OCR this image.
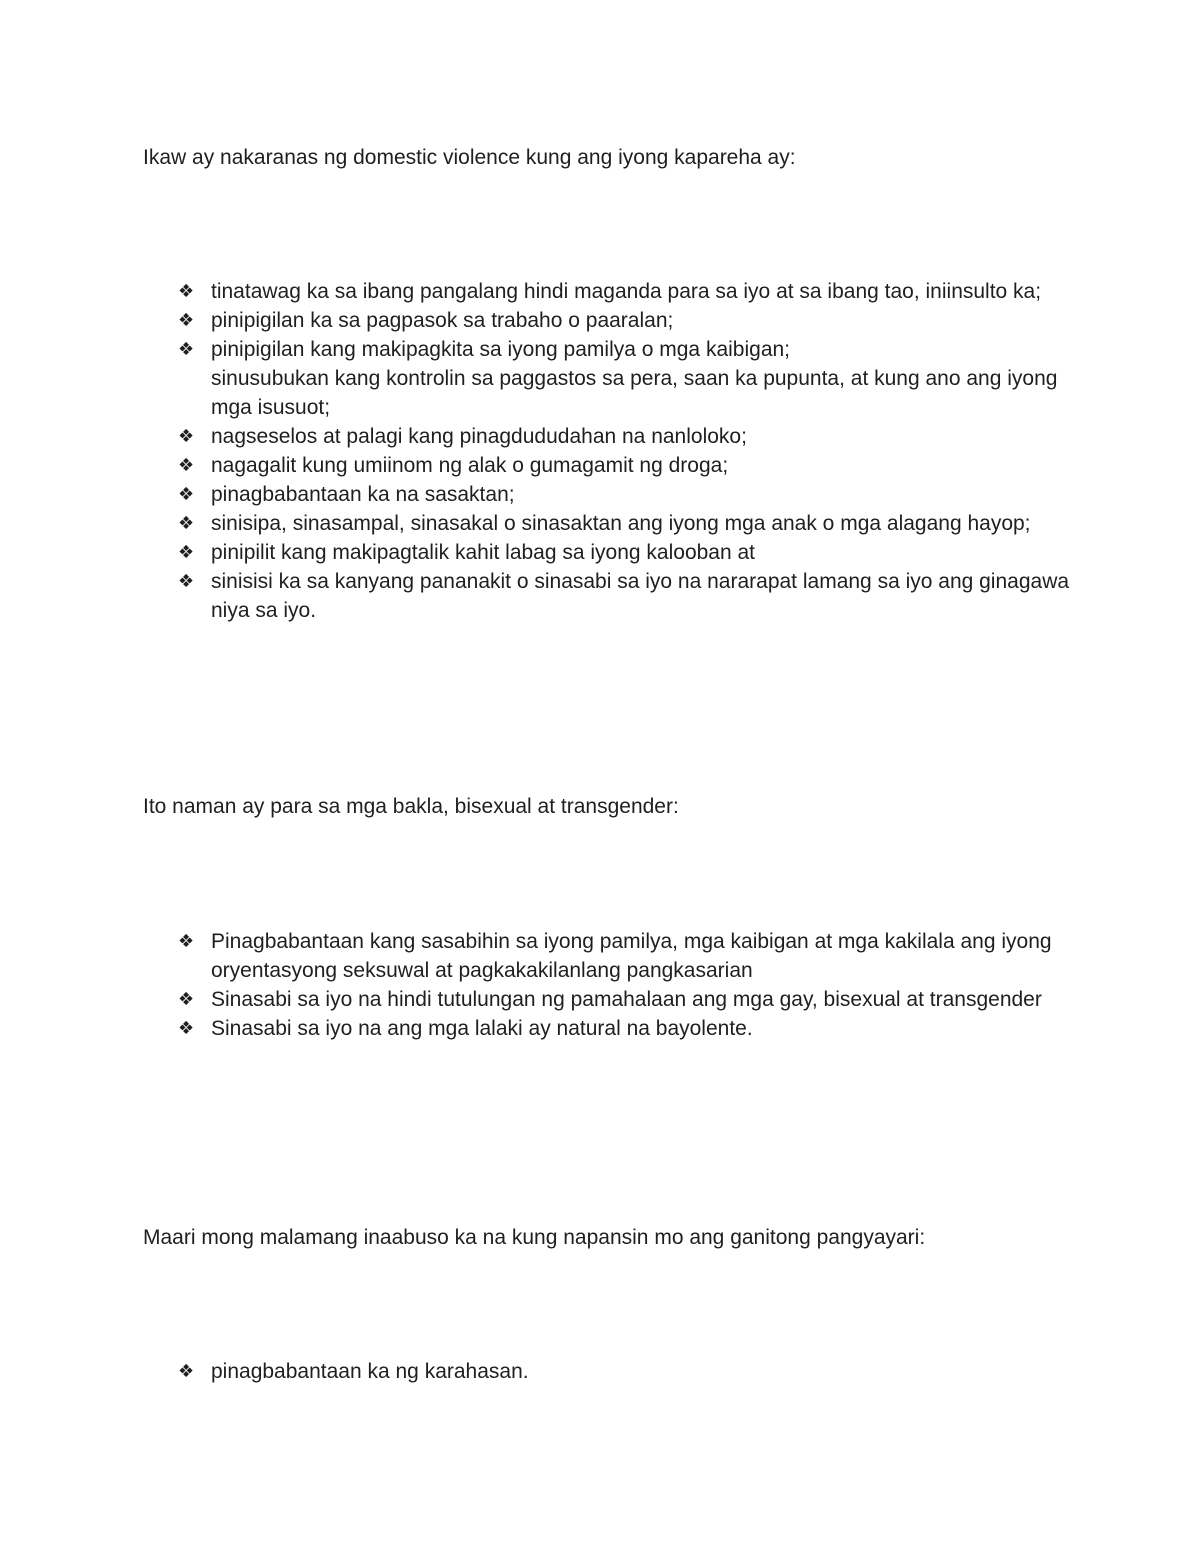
Ikaw ay nakaranas ng domestic violence kung ang iyong kapareha ay:

❖ tinatawag ka sa ibang pangalang hindi maganda para sa iyo at sa ibang tao, iniinsulto ka;
❖ pinipigilan ka sa pagpasok sa trabaho o paaralan;
❖ pinipigilan kang makipagkita sa iyong pamilya o mga kaibigan;
sinusubukan kang kontrolin sa paggastos sa pera, saan ka pupunta, at kung ano ang iyong mga isusuot;
❖ nagseselos at palagi kang pinagdududahan na nanloloko;
❖ nagagalit kung umiinom ng alak o gumagamit ng droga;
❖ pinagbabantaan ka na sasaktan;
❖ sinisipa, sinasampal, sinasakal o sinasaktan ang iyong mga anak o mga alagang hayop;
❖ pinipilit kang makipagtalik kahit labag sa iyong kalooban at
❖ sinisisi ka sa kanyang pananakit o sinasabi sa iyo na nararapat lamang sa iyo ang ginagawa niya sa iyo.

Ito naman ay para sa mga bakla, bisexual at transgender:

❖ Pinagbabantaan kang sasabihin sa iyong pamilya, mga kaibigan at mga kakilala ang iyong oryentasyong seksuwal at pagkakakilanlang pangkasarian
❖ Sinasabi sa iyo na hindi tutulungan ng pamahalaan ang mga gay, bisexual at transgender
❖ Sinasabi sa iyo na ang mga lalaki ay natural na bayolente.

Maari mong malamang inaabuso ka na kung napansin mo ang ganitong pangyayari:

❖ pinagbabantaan ka ng karahasan.
